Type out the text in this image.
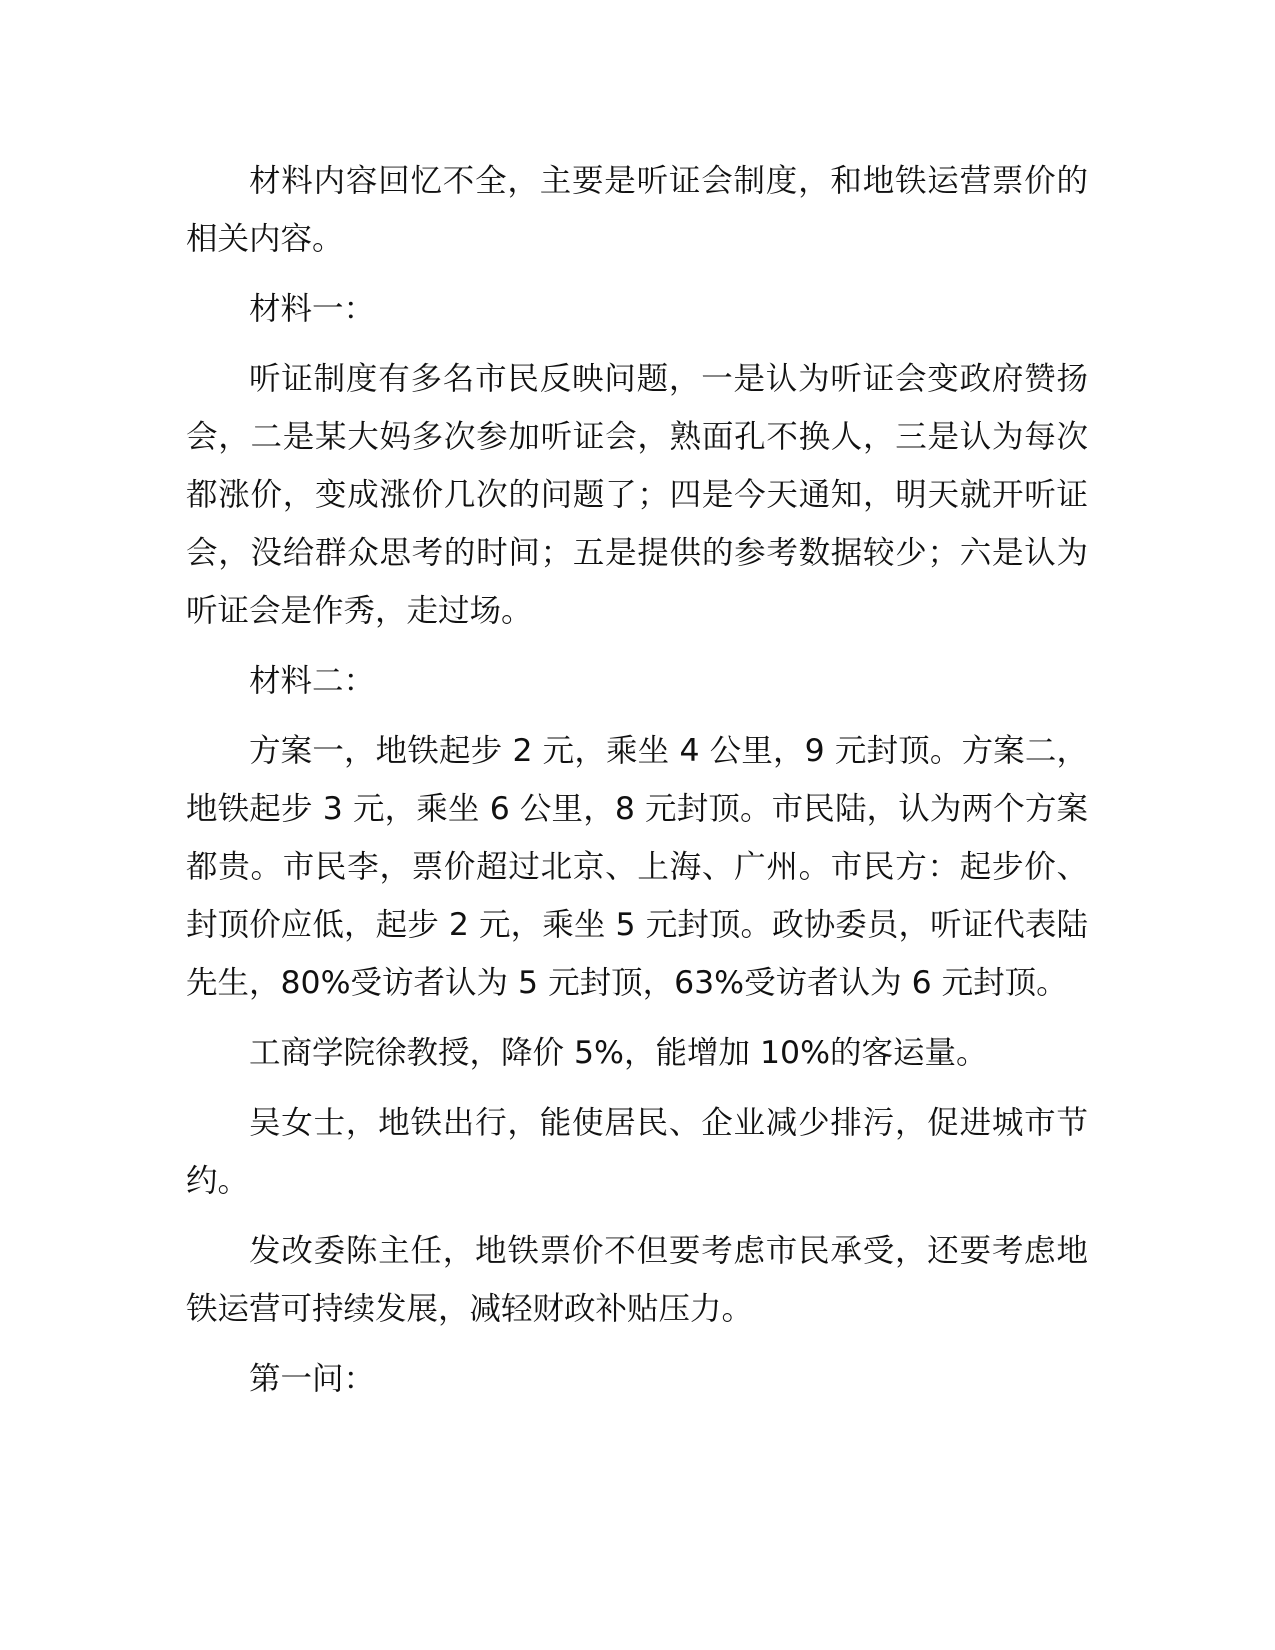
材料内容回忆不全，主要是听证会制度，和地铁运营票价的相关内容。

材料一：

听证制度有多名市民反映问题，一是认为听证会变政府赞扬会，二是某大妈多次参加听证会，熟面孔不换人，三是认为每次都涨价，变成涨价几次的问题了；四是今天通知，明天就开听证会，没给群众思考的时间；五是提供的参考数据较少；六是认为听证会是作秀，走过场。

材料二：

方案一，地铁起步 2 元，乘坐 4 公里，9 元封顶。方案二，地铁起步 3 元，乘坐 6 公里，8 元封顶。市民陆，认为两个方案都贵。市民李，票价超过北京、上海、广州。市民方：起步价、封顶价应低，起步 2 元，乘坐 5 元封顶。政协委员，听证代表陆先生，80%受访者认为 5 元封顶，63%受访者认为 6 元封顶。

工商学院徐教授，降价 5%，能增加 10%的客运量。

吴女士，地铁出行，能使居民、企业减少排污，促进城市节约。

发改委陈主任，地铁票价不但要考虑市民承受，还要考虑地铁运营可持续发展，减轻财政补贴压力。

第一问：
